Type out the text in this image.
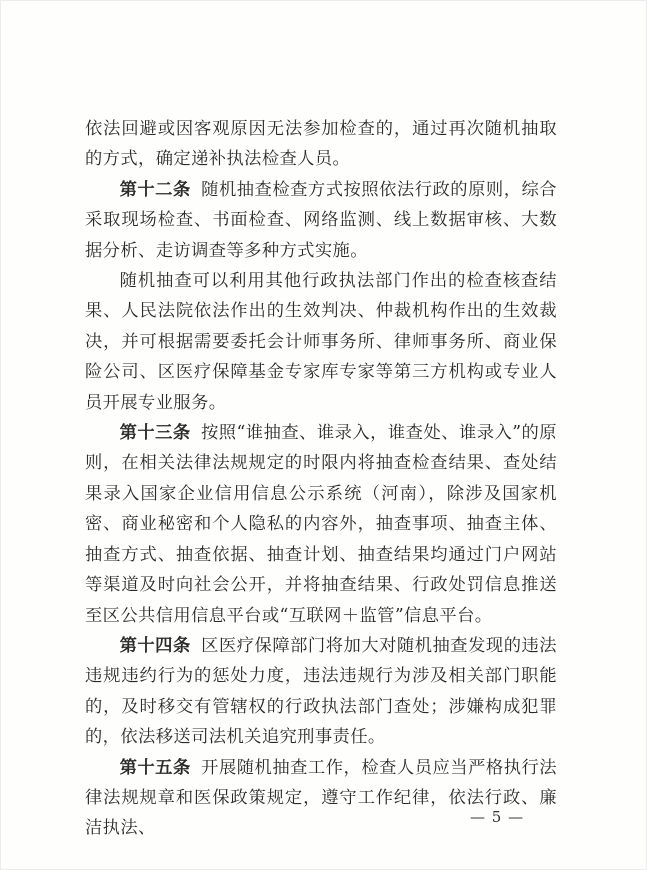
依法回避或因客观原因无法参加检查的，通过再次随机抽取的方式，确定递补执法检查人员。

第十二条 随机抽查检查方式按照依法行政的原则，综合采取现场检查、书面检查、网络监测、线上数据审核、大数据分析、走访调查等多种方式实施。

随机抽查可以利用其他行政执法部门作出的检查核查结果、人民法院依法作出的生效判决、仲裁机构作出的生效裁决，并可根据需要委托会计师事务所、律师事务所、商业保险公司、区医疗保障基金专家库专家等第三方机构或专业人员开展专业服务。

第十三条 按照“谁抽查、谁录入，谁查处、谁录入”的原则，在相关法律法规规定的时限内将抽查检查结果、查处结果录入国家企业信用信息公示系统（河南），除涉及国家机密、商业秘密和个人隐私的内容外，抽查事项、抽查主体、抽查方式、抽查依据、抽查计划、抽查结果均通过门户网站等渠道及时向社会公开，并将抽查结果、行政处罚信息推送至区公共信用信息平台或“互联网＋监管”信息平台。

第十四条 区医疗保障部门将加大对随机抽查发现的违法违规违约行为的惩处力度，违法违规行为涉及相关部门职能的，及时移交有管辖权的行政执法部门查处；涉嫌构成犯罪的，依法移送司法机关追究刑事责任。

第十五条 开展随机抽查工作，检查人员应当严格执行法律法规规章和医保政策规定，遵守工作纪律，依法行政、廉洁执法、

— 5 —
